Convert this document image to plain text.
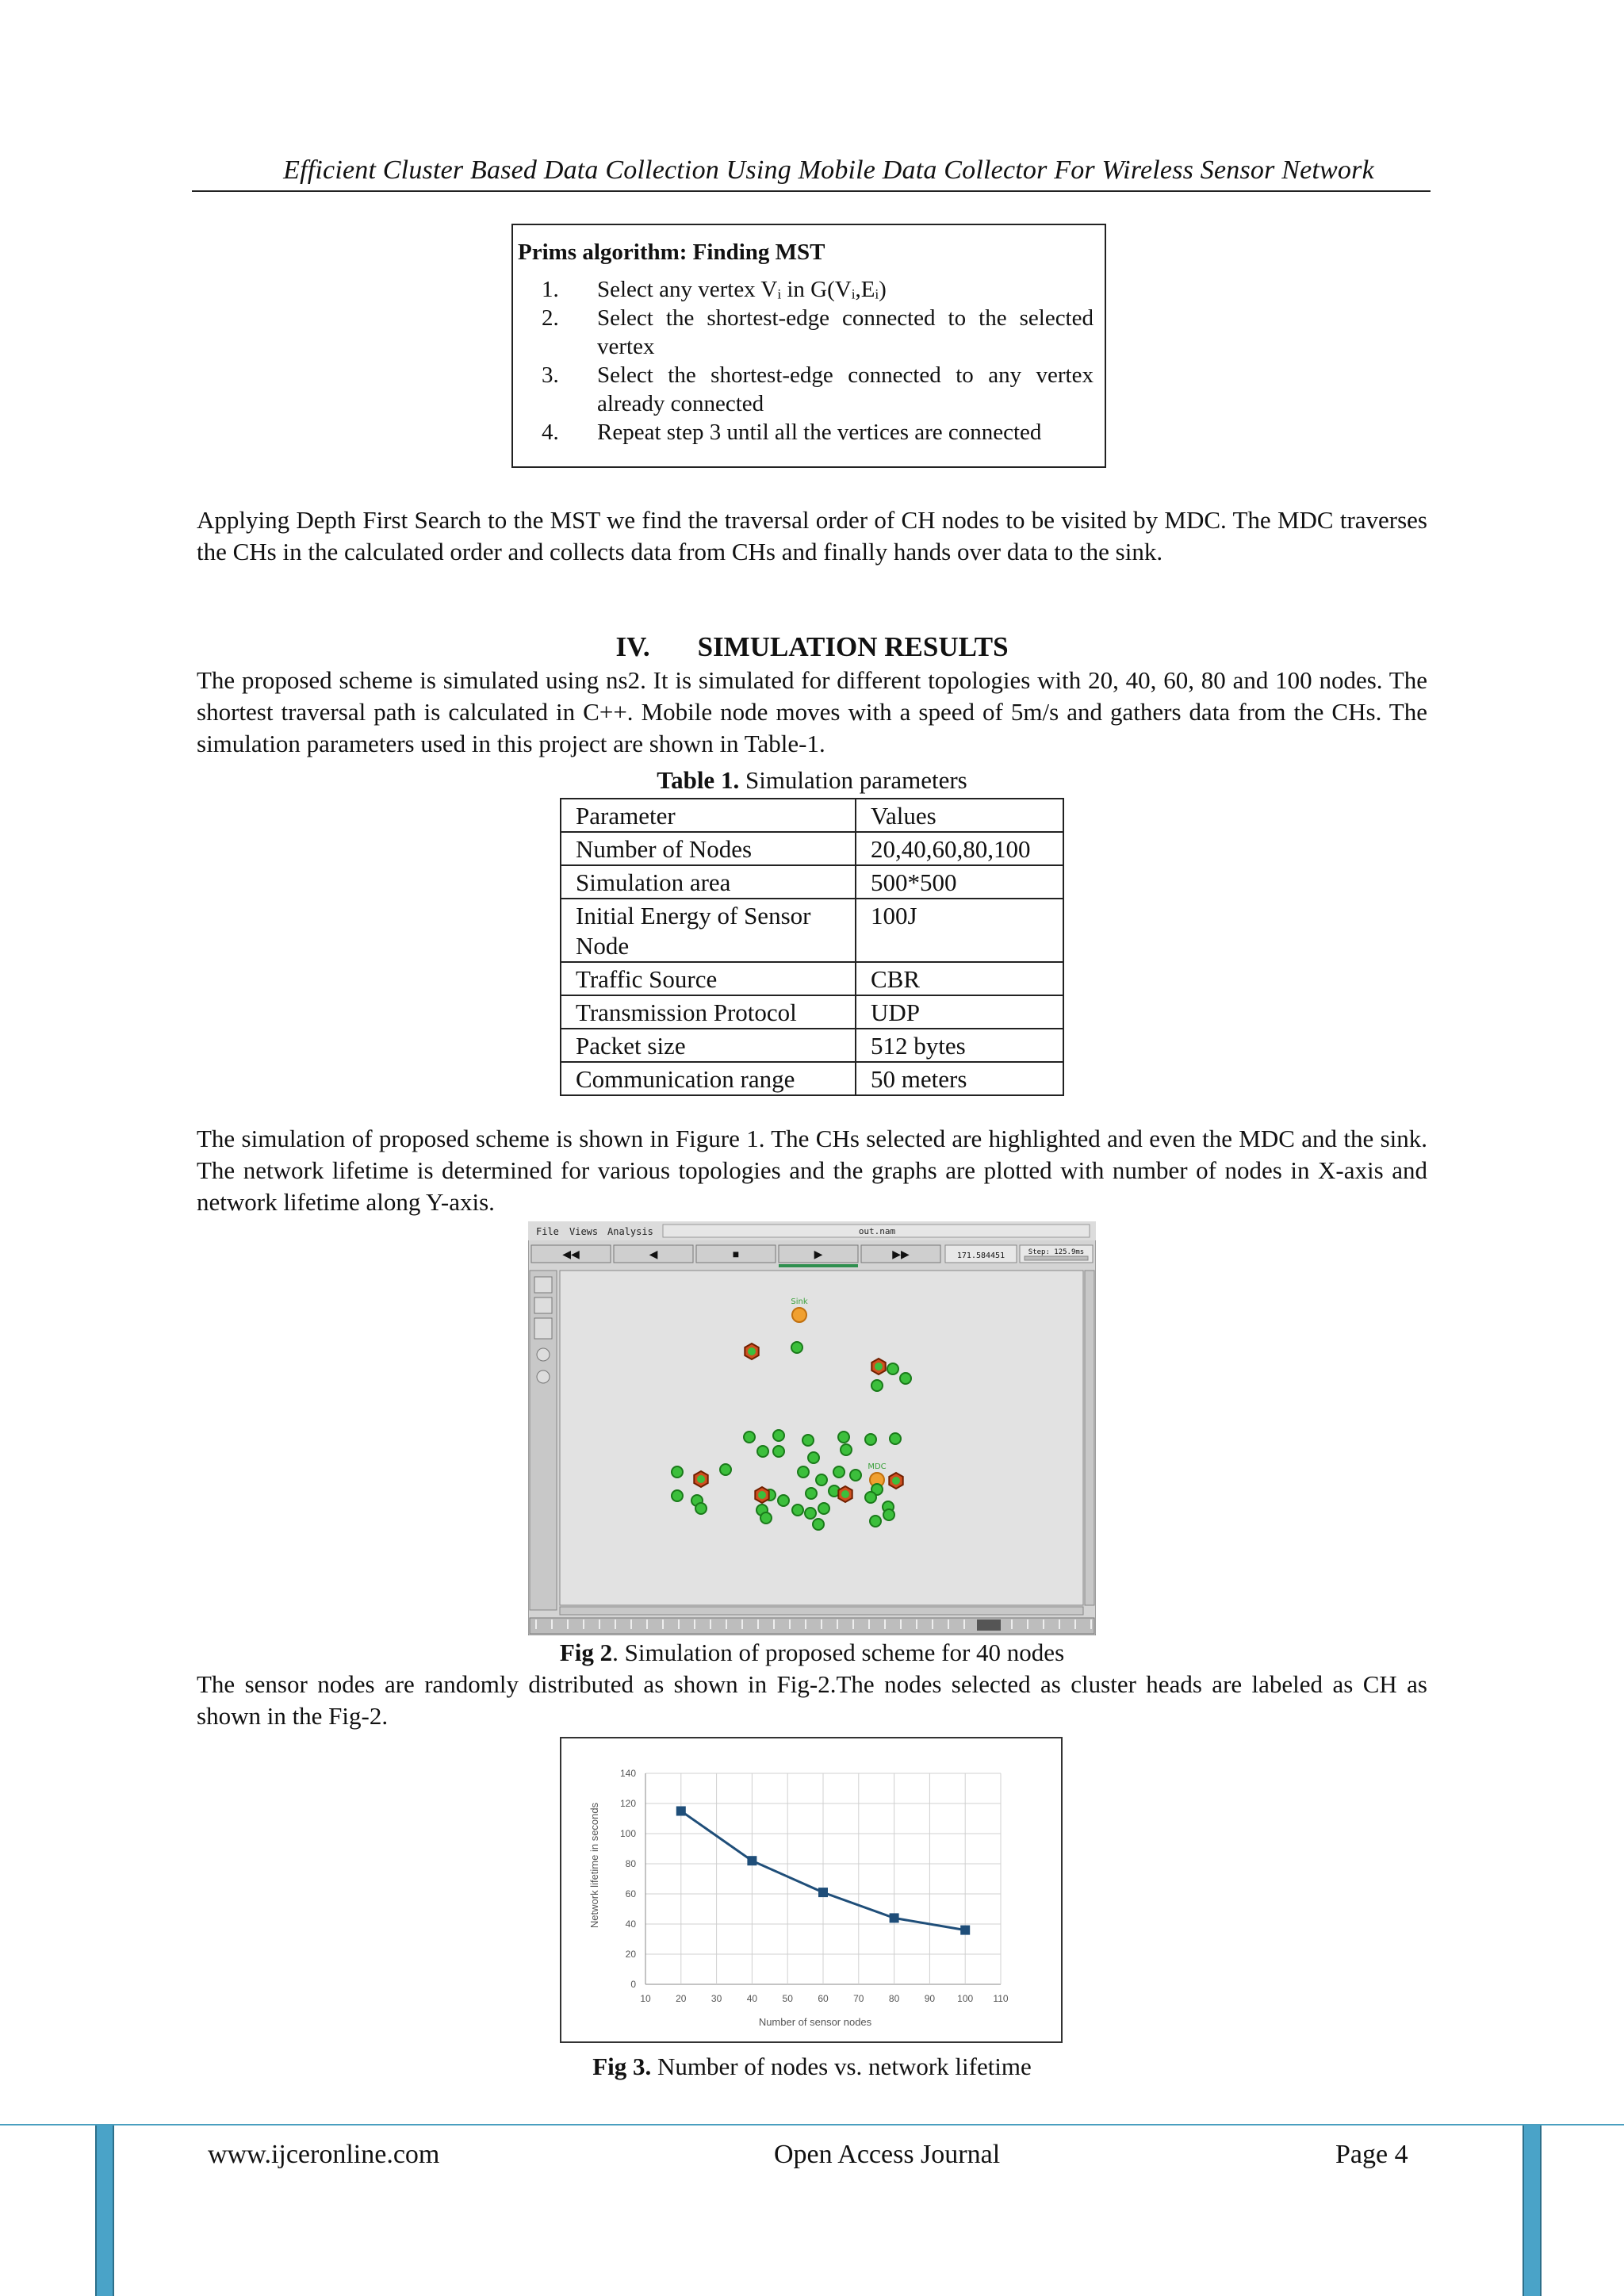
Efficient Cluster Based Data Collection Using Mobile Data Collector For Wireless Sensor Network
Prims algorithm: Finding MST
1.	Select any vertex Vᵢ in G(Vᵢ,Eᵢ)
2.	Select the shortest-edge connected to the selected vertex
3.	Select the shortest-edge connected to any vertex already connected
4.	Repeat step 3 until all the vertices are connected
Applying Depth First Search to the MST we find the traversal order of CH nodes to be visited by MDC. The MDC traverses the CHs in the calculated order and collects data from CHs and finally hands over data to the sink.
IV. SIMULATION RESULTS
The proposed scheme is simulated using ns2. It is simulated for different topologies with 20, 40, 60, 80 and 100 nodes. The shortest traversal path is calculated in C++. Mobile node moves with a speed of 5m/s and gathers data from the CHs. The simulation parameters used in this project are shown in Table-1.
Table 1. Simulation parameters
Parameter	Values
Number of Nodes	20,40,60,80,100
Simulation area	500*500
Initial Energy of Sensor Node	100J
Traffic Source	CBR
Transmission Protocol	UDP
Packet size	512 bytes
Communication range	50 meters
The simulation of proposed scheme is shown in Figure 1. The CHs selected are highlighted and even the MDC and the sink. The network lifetime is determined for various topologies and the graphs are plotted with number of nodes in X-axis and network lifetime along Y-axis.
File Views Analysis	out.nam
◀◀	◀	■	▶	▶▶	171.584451	Step: 125.9ms
Sink
MDC
Fig 2. Simulation of proposed scheme for 40 nodes
The sensor nodes are randomly distributed as shown in Fig-2.The nodes selected as cluster heads are labeled as CH as shown in the Fig-2.
0
20
40
60
80
100
120
140
10	20	30	40	50	60	70	80	90 100 110
Number of sensor nodes
Network lifetime in seconds
Fig 3. Number of nodes vs. network lifetime
www.ijceronline.com	Open Access Journal	Page 4
